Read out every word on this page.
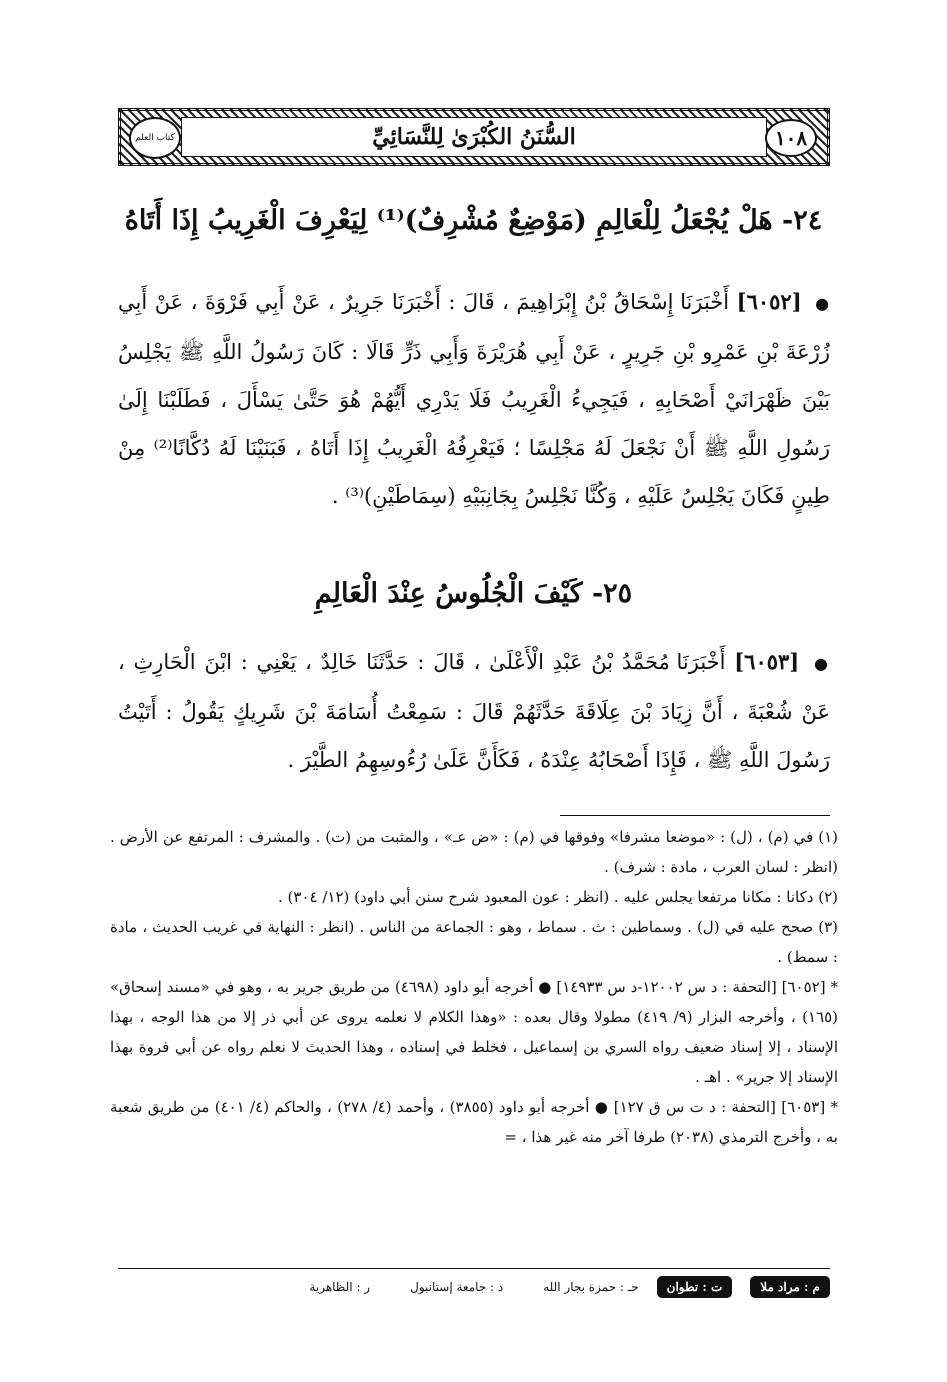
السُّنَنُ الكُبْرَىٰ لِلنَّسَائِيِّ	١٠٨
كتاب العلم
٢٤- هَلْ يُجْعَلُ لِلْعَالِمِ (مَوْضِعٌ مُشْرِفٌ)⁽¹⁾ لِيَعْرِفَ الْغَرِيبُ إِذَا أَتَاهُ
● [٦٠٥٢] أَخْبَرَنَا إِسْحَاقُ بْنُ إِبْرَاهِيمَ ، قَالَ : أَخْبَرَنَا جَرِيرٌ ، عَنْ أَبِي فَرْوَةَ ، عَنْ أَبِي زُرْعَةَ بْنِ عَمْرِو بْنِ جَرِيرٍ ، عَنْ أَبِي هُرَيْرَةَ وَأَبِي ذَرٍّ قَالَا : كَانَ رَسُولُ اللَّهِ ﷺ يَجْلِسُ بَيْنَ ظَهْرَانَيْ أَصْحَابِهِ ، فَيَجِيءُ الْغَرِيبُ فَلَا يَدْرِي أَيُّهُمْ هُوَ حَتَّىٰ يَسْأَلَ ، فَطَلَبْنَا إِلَىٰ رَسُولِ اللَّهِ ﷺ أَنْ نَجْعَلَ لَهُ مَجْلِسًا ؛ فَيَعْرِفُهُ الْغَرِيبُ إِذَا أَتَاهُ ، فَبَنَيْنَا لَهُ دُكَّانًا⁽²⁾ مِنْ طِينٍ فَكَانَ يَجْلِسُ عَلَيْهِ ، وَكُنَّا نَجْلِسُ بِجَانِبَيْهِ (سِمَاطَيْنِ)⁽³⁾ .
٢٥- كَيْفَ الْجُلُوسُ عِنْدَ الْعَالِمِ
● [٦٠٥٣] أَخْبَرَنَا مُحَمَّدُ بْنُ عَبْدِ الْأَعْلَىٰ ، قَالَ : حَدَّثَنَا خَالِدٌ ، يَعْنِي : ابْنَ الْحَارِثِ ، عَنْ شُعْبَةَ ، أَنَّ زِيَادَ بْنَ عِلَاقَةَ حَدَّثَهُمْ قَالَ : سَمِعْتُ أُسَامَةَ بْنَ شَرِيكٍ يَقُولُ : أَتَيْتُ رَسُولَ اللَّهِ ﷺ ، فَإِذَا أَصْحَابُهُ عِنْدَهُ ، فَكَأَنَّ عَلَىٰ رُءُوسِهِمُ الطَّيْرَ .

(١) في (م) ، (ل) : «موضعا مشرفا» وفوقها في (م) : «ض عـ» ، والمثبت من (ت) . والمشرف : المرتفع عن الأرض . (انظر : لسان العرب ، مادة : شرف) .

(٢) دكانا : مكانا مرتفعا يجلس عليه . (انظر : عون المعبود شرح سنن أبي داود) (١٢/ ٣٠٤) .

(٣) صحح عليه في (ل) . وسماطين : ث . سماط ، وهو : الجماعة من الناس . (انظر : النهاية في غريب الحديث ، مادة : سمط) .

* [٦٠٥٢] [التحفة : د س ١٢٠٠٢-د س ١٤٩٣٣] ● أخرجه أبو داود (٤٦٩٨) من طريق جرير به ، وهو في «مسند إسحاق» (١٦٥) ، وأخرجه البزار (٩/ ٤١٩) مطولا وقال بعده : «وهذا الكلام لا نعلمه يروى عن أبي ذر إلا من هذا الوجه ، بهذا الإسناد ، إلا إسناد ضعيف رواه السري بن إسماعيل ، فخلط في إسناده ، وهذا الحديث لا نعلم رواه عن أبي فروة بهذا الإسناد إلا جرير» . اهـ .

* [٦٠٥٣] [التحفة : د ت س ق ١٢٧] ● أخرجه أبو داود (٣٨٥٥) ، وأحمد (٤/ ٢٧٨) ، والحاكم (٤/ ٤٠١) من طريق شعبة به ، وأخرج الترمذي (٢٠٣٨) طرفا آخر منه غير هذا ، =

م : مراد ملا
ت : تطوان
حـ : حمزة بجار الله
د : جامعة إستانبول
ر : الظاهرية
